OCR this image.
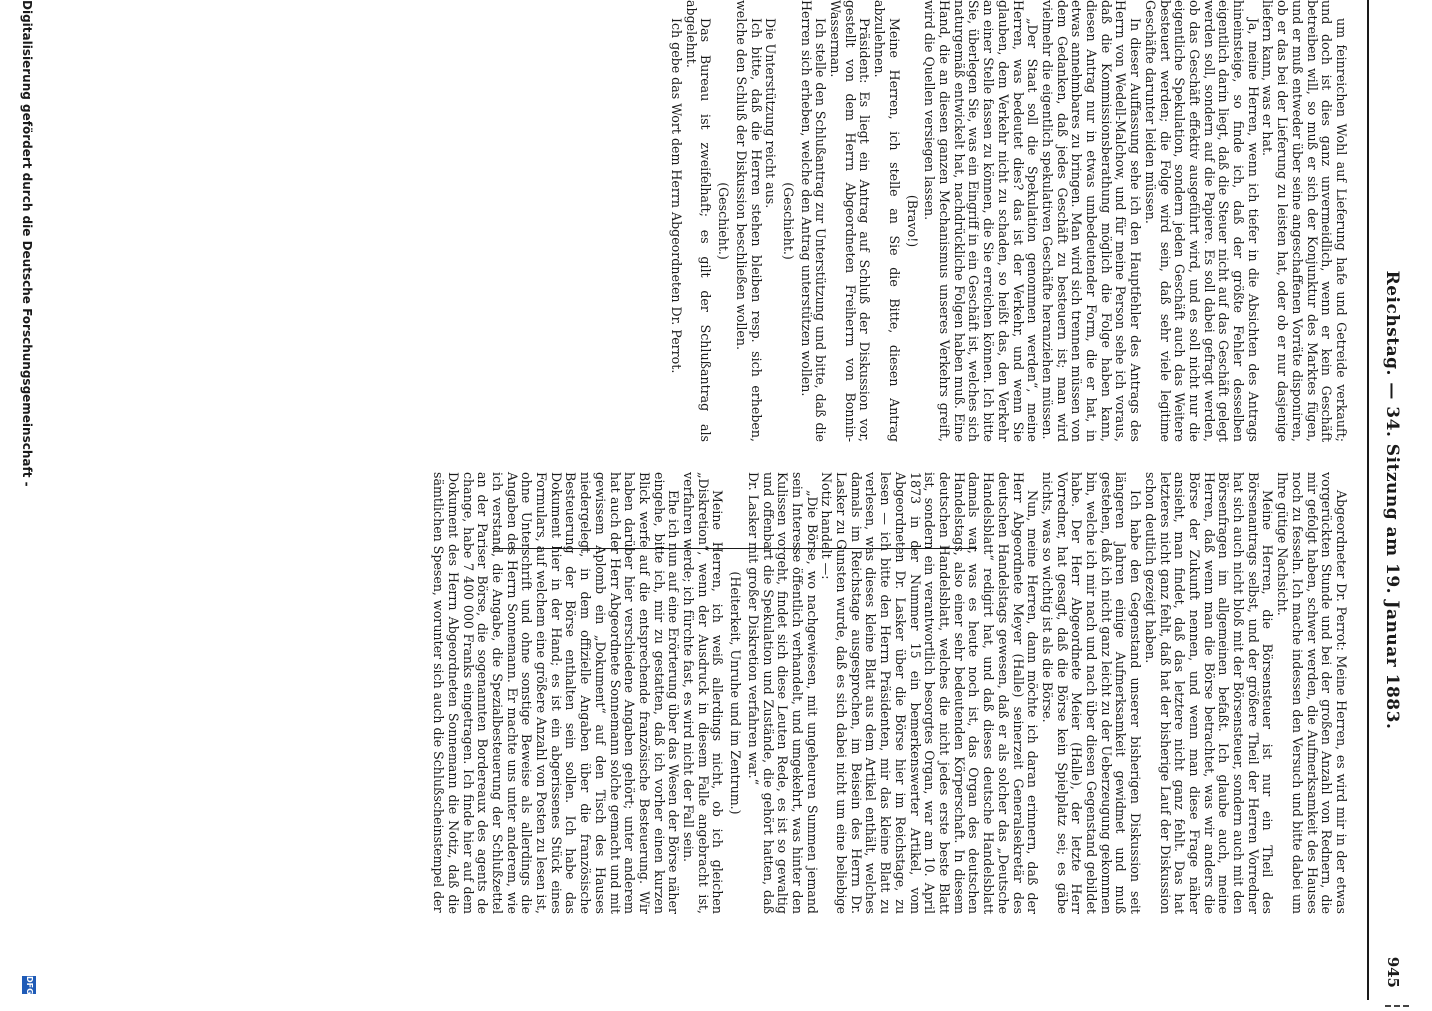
Reichstag. — 34. Sitzung am 19. Januar 1883.
945

um feinreichen Wohl auf Lieferung hafe und Getreide verkauft; und doch ist dies ganz unvermeidlich, wenn er kein Geschäft betreiben will, so muß er sich der Konjunktur des Marktes fügen, und er muß entweder über seine angeschaffenen Vorräte disponiren, ob er das bei der Lieferung zu leisten hat, oder ob er nur dasjenige liefern kann, was er hat.

Ja, meine Herren, wenn ich tiefer in die Absichten des Antrags hineinsteige, so finde ich, daß der größte Fehler desselben eigentlich darin liegt, daß die Steuer nicht auf das Geschäft gelegt werden soll, sondern auf die Papiere. Es soll dabei gefragt werden, ob das Geschäft effektiv ausgeführt wird, und es soll nicht nur die eigentliche Spekulation, sondern jeden Geschäft auch das Weitere besteuert werden; die Folge wird sein, daß sehr viele legitime Geschäfte darunter leiden müssen.

In dieser Auffassung sehe ich den Hauptfehler des Antrags des Herrn von Wedell-Malchow, und für meine Person sehe ich voraus, daß die Kommissionsberathung möglich die Folge haben kann, diesen Antrag nur in etwas umbedeutender Form, die er hat, in etwas annehmbares zu bringen. Man wird sich trennen müssen von dem Gedanken, daß jedes Geschäft zu besteuern ist; man wird vielmehr die eigentlich spekulativen Geschäfte heranziehen müssen.

„Der Staat soll die Spekulation genommen werden“, meine Herren, was bedeutet dies? das ist der Verkehr, und wenn Sie glauben, dem Verkehr nicht zu schaden, so heißt das, den Verkehr an einer Stelle fassen zu können, die Sie erreichen können. Ich bitte Sie, überlegen Sie, was ein Eingriff in ein Geschäft ist, welches sich naturgemäß entwickelt hat, nachdrückliche Folgen haben muß. Eine Hand, die an diesen ganzen Mechanismus unseres Verkehrs greift, wird die Quellen versiegen lassen.

(Bravo!)

Meine Herren, ich stelle an Sie die Bitte, diesen Antrag abzulehnen.

Präsident: Es liegt ein Antrag auf Schluß der Diskussion vor, gestellt von dem Herrn Abgeordneten Freiherrn von Bonnin-Wasserman.

Ich stelle den Schlußantrag zur Unterstützung und bitte, daß die Herren sich erheben, welche den Antrag unterstützen wollen.

(Geschieht.)

Die Unterstützung reicht aus.

Ich bitte, daß die Herren stehen bleiben resp. sich erheben, welche den Schluß der Diskussion beschließen wollen.

(Geschieht.)

Das Bureau ist zweifelhaft; es gilt der Schlußantrag als abgelehnt.

Ich gebe das Wort dem Herrn Abgeordneten Dr. Perrot.

Abgeordneter Dr. Perrot: Meine Herren, es wird mir in der etwas vorgerückten Stunde und bei der großen Anzahl von Rednern, die mir gefolgt haben, schwer werden, die Aufmerksamkeit des Hauses noch zu fesseln. Ich mache indessen den Versuch und bitte dabei um Ihre gütige Nachsicht.

Meine Herren, die Börsensteuer ist nur ein Theil des Börsenantrags selbst, und der größere Theil der Herren Vorredner hat sich auch nicht bloß mit der Börsensteuer, sondern auch mit den Börsenfragen im allgemeinen befaßt. Ich glaube auch, meine Herren, daß wenn man die Börse betrachtet, was wir anders die Börse der Zukunft nennen, und wenn man diese Frage näher ansieht, man findet, daß das letztere nicht ganz fehlt. Das hat letzteres nicht ganz fehlt, daß hat der bisherige Lauf der Diskussion schon deutlich gezeigt haben.

Ich habe den Gegenstand unserer bisherigen Diskussion seit längeren Jahren einige Aufmerksamkeit gewidmet und muß gestehen, daß ich nicht ganz leicht zu der Ueberzeugung gekommen bin, welche ich mir nach und nach über diesen Gegenstand gebildet habe. Der Herr Abgeordnete Meier (Halle), der letzte Herr Vorredner, hat gesagt, daß die Börse kein Spielplatz sei; es gäbe nichts, was so wichtig ist als die Börse.

Nun, meine Herren, dann möchte ich daran erinnern, daß der Herr Abgeordnete Meyer (Halle) seinerzeit Generalsekretär des deutschen Handelstags gewesen, daß er als solcher das „Deutsche Handelsblatt“ redigirt hat, und daß dieses deutsche Handelsblatt damals war, was es heute noch ist, das Organ des deutschen Handelstags, also einer sehr bedeutenden Körperschaft. In diesem deutschen Handelsblatt, welches die nicht jedes erste beste Blatt ist, sondern ein verantwortlich besorgtes Organ, war am 10. April 1873 in der Nummer 15 ein bemerkenswerter Artikel, vom Abgeordneten Dr. Lasker über die Börse hier im Reichstage, zu lesen — ich bitte den Herrn Präsidenten, mir das kleine Blatt zu verlesen, was dieses kleine Blatt aus dem Artikel enthält, welches damals im Reichstage ausgesprochen, im Beisein des Herrn Dr. Lasker zu Gunsten wurde, daß es sich dabei nicht um eine beliebige Notiz handelt —:

„Die Börse, wo nachgewiesen, mit ungeheuren Summen jemand sein Interesse öffentlich verhandelt, und umgekehrt, was hinter den Kulissen vorgeht, findet sich diese Leuten Rede, es ist so gewaltig und offenbart die Spekulation und Zustände, die gehört hatten, daß Dr. Lasker mit großer Diskretion verfahren war.“

(Heiterkeit, Unruhe und im Zentrum.)

Meine Herren, ich weiß allerdings nicht, ob ich gleichen „Diskretion“, wenn der Ausdruck in diesem Falle angebracht ist, verfahren werde; ich fürchte fast, es wird nicht der Fall sein.

Ehe ich nun auf eine Erörterung über das Wesen der Börse näher eingehe, bitte ich, mir zu gestatten, daß ich vorher einen kurzen Blick werfe auf die entsprechende französische Besteuerung. Wir haben darüber hier verschiedene Angaben gehört; unter anderem hat auch der Herr Abgeordnete Sonnemann solche gemacht und mit gewissem Aplomb ein „Dokument“ auf den Tisch des Hauses niedergelegt, in dem offizielle Angaben über die französische Besteuerung der Börse enthalten sein sollen. Ich habe das Dokument hier in der Hand; es ist ein abgerissenes Stück eines Formulars, auf welchem eine größere Anzahl von Posten zu lesen ist, ohne Unterschrift und ohne sonstige Beweise als allerdings die Angaben des Herrn Sonnemann. Er machte uns unter anderem, wie ich verstand, die Angabe, die Spezialbesteuerung der Schlußzettel an der Pariser Börse, die sogenannten Bordereaux des agents de change, habe 7 400 000 Franks eingetragen. Ich finde hier auf dem Dokument des Herrn Abgeordneten Sonnemann die Notiz, daß die sämtlichen Spesen, worunter sich auch die Schlußscheinstempel der

Digitalisierung gefördert durch die Deutsche Forschungsgemeinschaft -
DFG
